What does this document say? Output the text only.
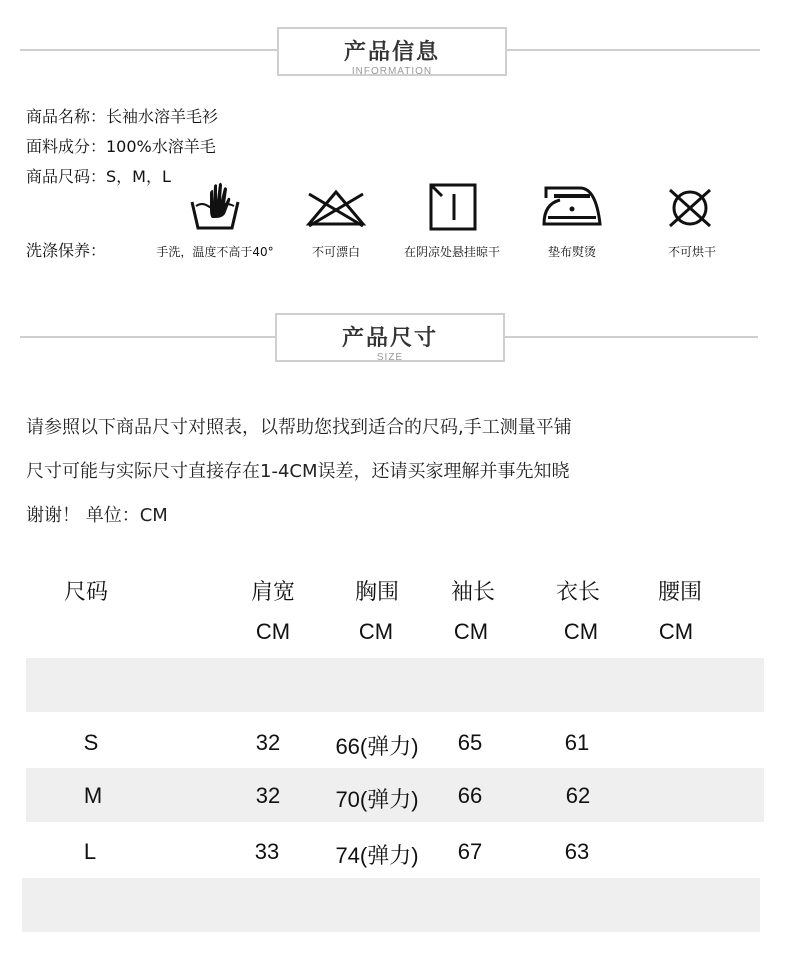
产品信息
INFORMATION
商品名称：长袖水溶羊毛衫
面料成分：100%水溶羊毛
商品尺码：S，M，L
洗涤保养：	手洗，温度不高于40°	不可漂白	在阴凉处悬挂晾干	垫布熨烫	不可烘干
产品尺寸
SIZE
请参照以下商品尺寸对照表，以帮助您找到适合的尺码,手工测量平铺
尺寸可能与实际尺寸直接存在1-4CM误差，还请买家理解并事先知晓
谢谢！ 单位：CM
尺码	肩宽	胸围 袖长	衣长	腰围
CM	CM	CM	CM	CM
S	32	66(弹力) 65	61
M	32	70(弹力) 66	62
L	33	74(弹力) 67	63
